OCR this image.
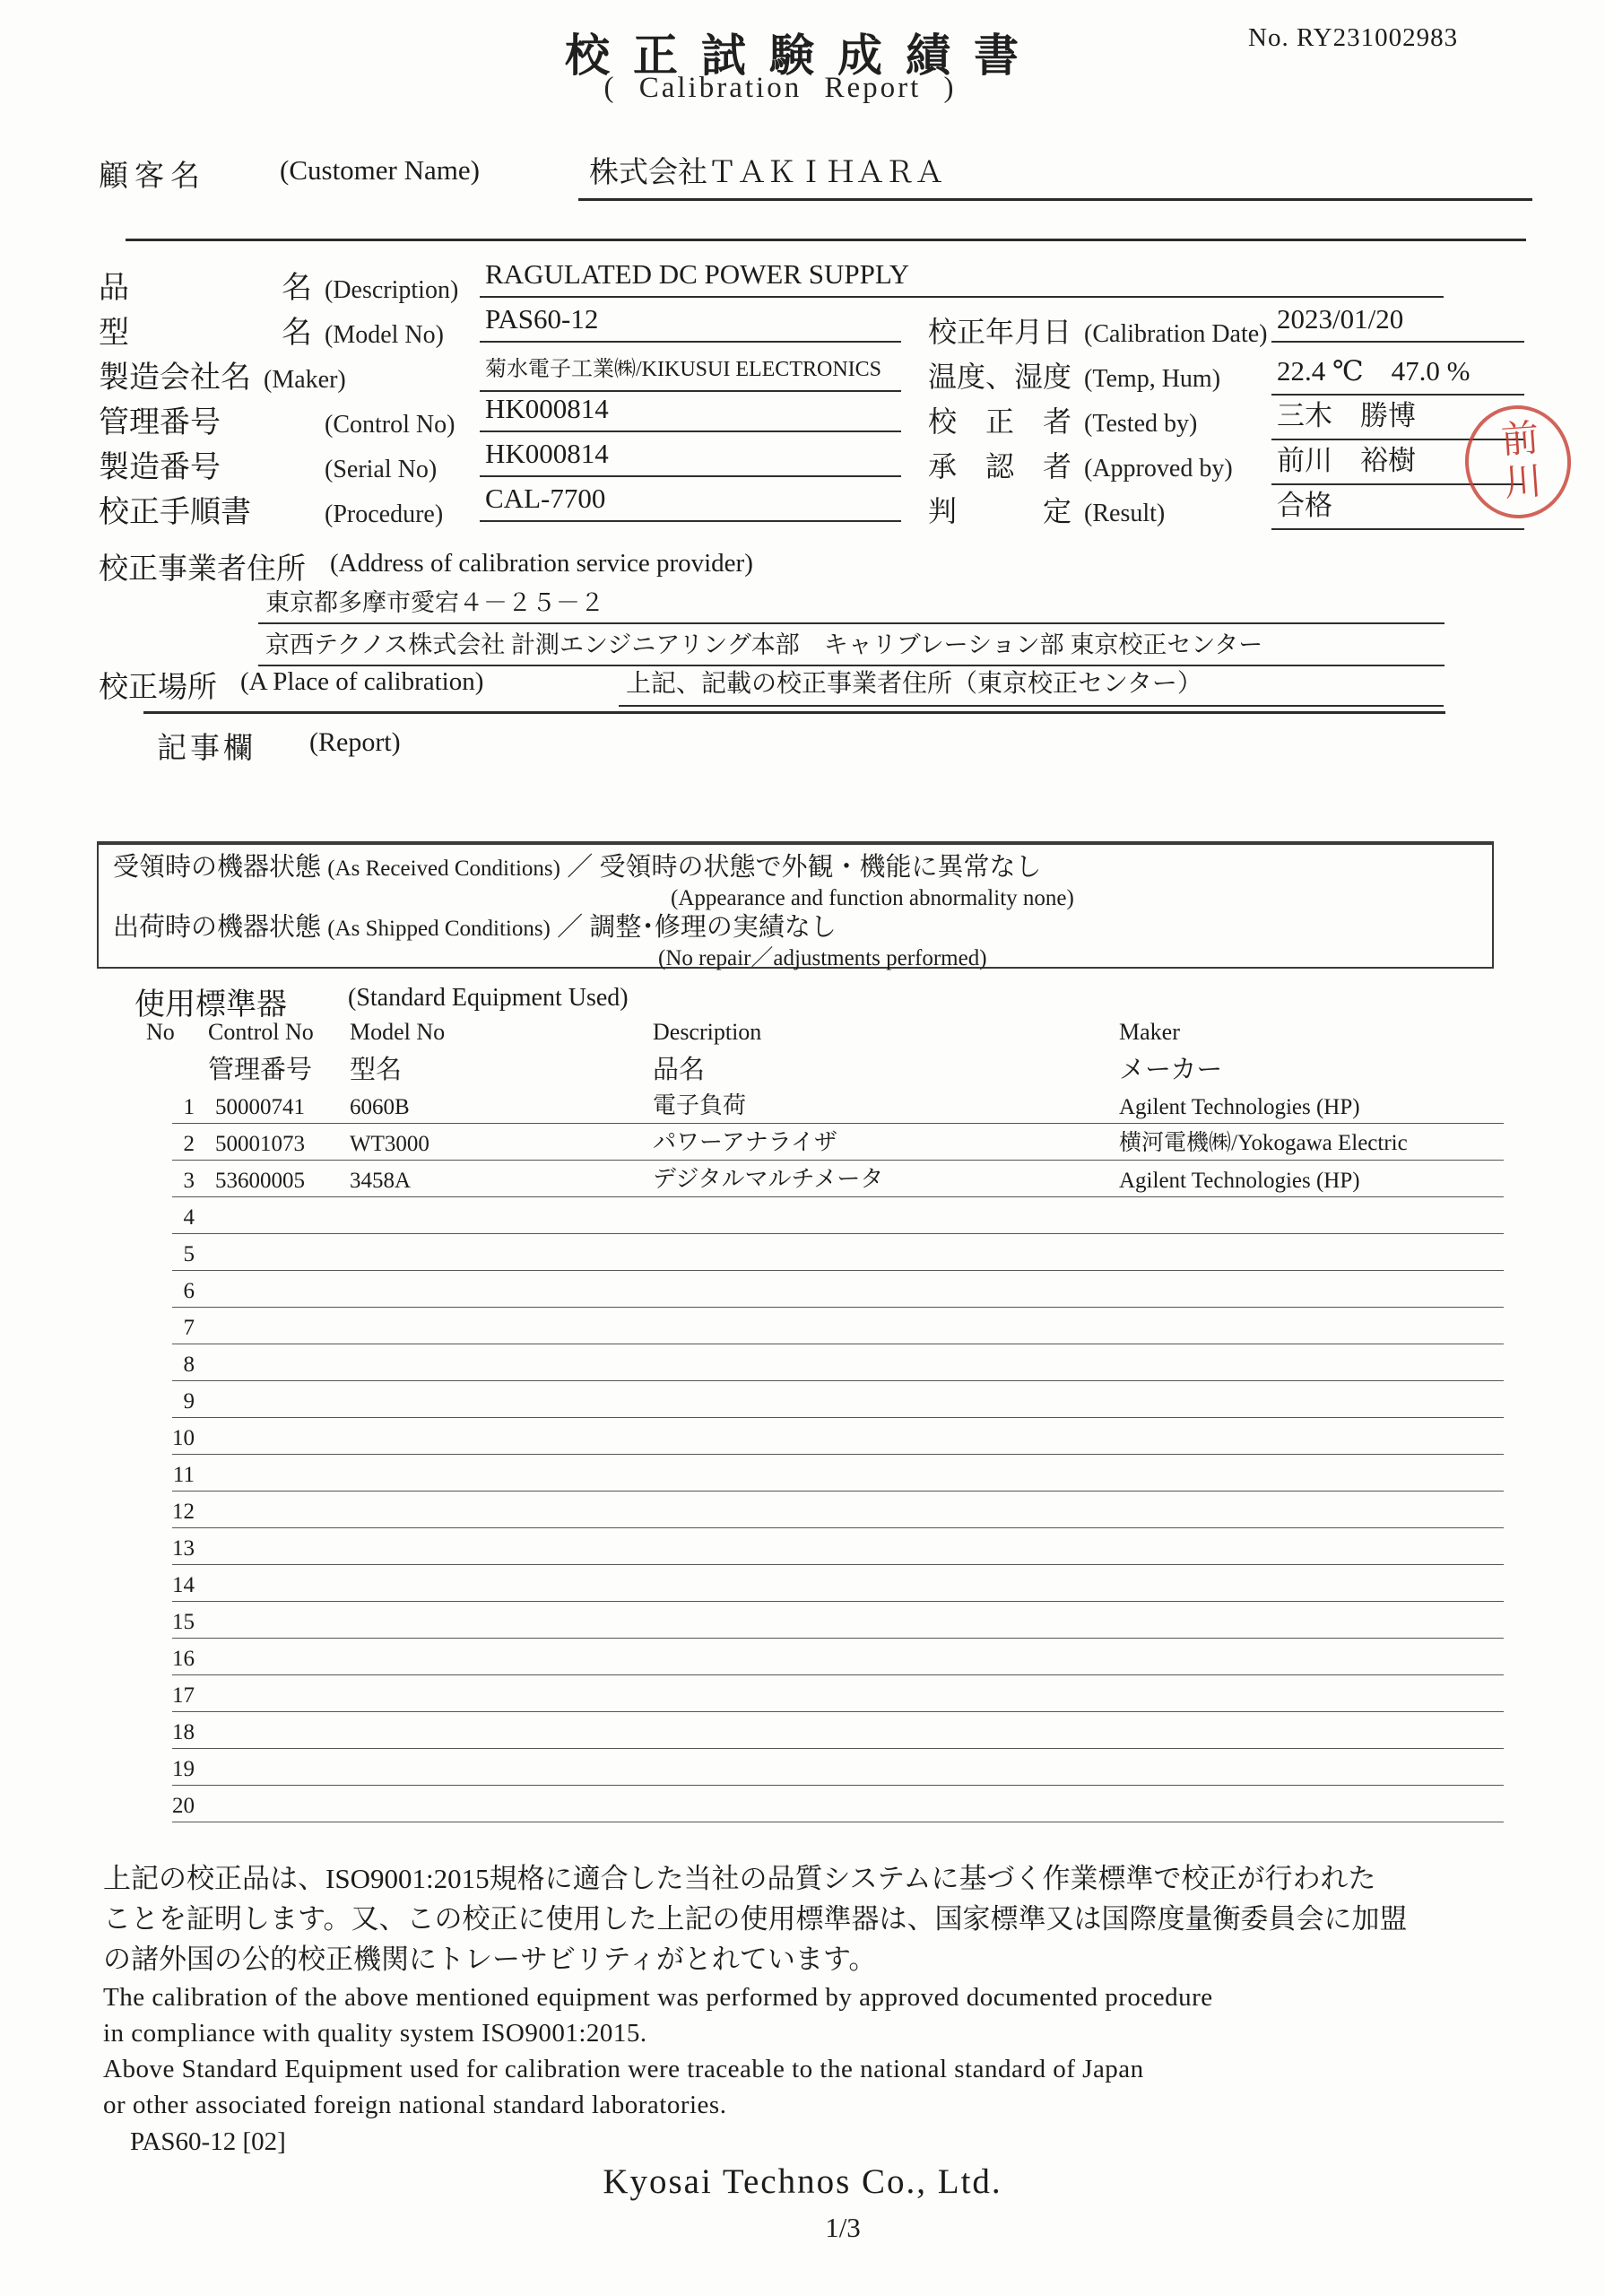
校正試験成績書
( Calibration Report )
No. RY231002983
顧客名	(Customer Name)	株式会社ＴＡＫＩＨＡＲＡ
品　　　　　名 (Description)
RAGULATED DC POWER SUPPLY
型　　　　　名 (Model No)
PAS60-12
製造会社名 (Maker)	菊水電子工業㈱/KIKUSUI ELECTRONICS
管理番号　　　 (Control No)
HK000814
製造番号　　　 (Serial No)
HK000814
校正手順書　　 (Procedure)
CAL-7700
校正年月日 (Calibration Date) 2023/01/20
温度、湿度 (Temp, Hum) 22.4 ℃　47.0 %
校　正　者 (Tested by)	三木　勝博
承　認　者 (Approved by) 前川　裕樹
判　　　定 (Result)	合格	前川
校正事業者住所 (Address of calibration service provider)
東京都多摩市愛宕４－２５－２
京西テクノス株式会社 計測エンジニアリング本部　キャリブレーション部 東京校正センター
校正場所 (A Place of calibration)	上記、記載の校正事業者住所（東京校正センター）
記事欄 (Report)
受領時の機器状態 (As Received Conditions) ／ 受領時の状態で外観・機能に異常なし
(Appearance and function abnormality none)
出荷時の機器状態 (As Shipped Conditions) ／ 調整･修理の実績なし
(No repair／adjustments performed)
使用標準器 (Standard Equipment Used)
No Control No Model No	Description	Maker
管理番号 型名	品名	メーカー
1 50000741 6060B	電子負荷	Agilent Technologies (HP)
2 50001073 WT3000	パワーアナライザ	横河電機㈱/Yokogawa Electric
3 53600005 3458A	デジタルマルチメータ	Agilent Technologies (HP)
4
5
6
7
8
9
10
11
12
13
14
15
16
17
18
19
20
上記の校正品は、ISO9001:2015規格に適合した当社の品質システムに基づく作業標準で校正が行われた
ことを証明します。又、この校正に使用した上記の使用標準器は、国家標準又は国際度量衡委員会に加盟
の諸外国の公的校正機関にトレーサビリティがとれています。
The calibration of the above mentioned equipment was performed by approved documented procedure
in compliance with quality system ISO9001:2015.
Above Standard Equipment used for calibration were traceable to the national standard of Japan
or other associated foreign national standard laboratories.
PAS60-12 [02]
Kyosai Technos Co., Ltd.
1/3
